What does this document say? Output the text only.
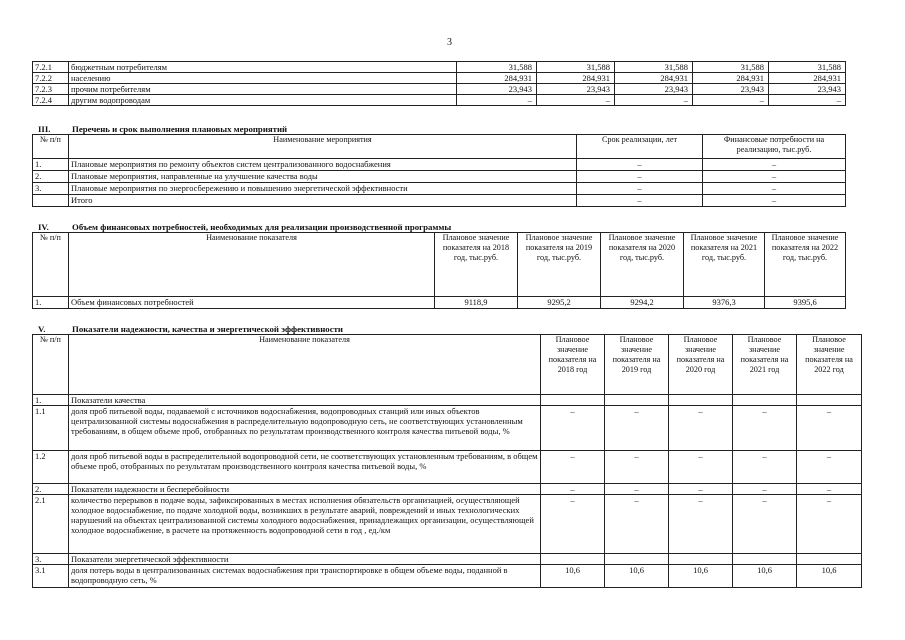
3
7.2.1	бюджетным потребителям	31,588	31,588	31,588	31,588	31,588
7.2.2	населению	284,931	284,931	284,931	284,931	284,931
7.2.3	прочим потребителям	23,943	23,943	23,943	23,943	23,943
7.2.4	другим водопроводам	–	–	–	–	–
III. Перечень и срок выполнения плановых мероприятий
№ п/п	Наименование мероприятия	Срок реализации, лет	Финансовые потребности на реализацию, тыс.руб.
1.	Плановые мероприятия по ремонту объектов систем централизованного водоснабжения	–	–
2.	Плановые мероприятия, направленные на улучшение качества воды	–	–
3.	Плановые мероприятия по энергосбережению и повышению энергетической эффективности	–	–
	Итого	–	–
IV.	Объем финансовых потребностей, необходимых для реализации производственной программы
№ п/п	Наименование показателя	Плановое значение показателя на 2018 год, тыс.руб.	Плановое значение показателя на 2019 год, тыс.руб.	Плановое значение показателя на 2020 год, тыс.руб.	Плановое значение показателя на 2021 год, тыс.руб.	Плановое значение показателя на 2022 год, тыс.руб.
1.	Объем финансовых потребностей	9118,9	9295,2	9294,2	9376,3	9395,6
V.	Показатели надежности, качества и энергетической эффективности
№ п/п	Наименование показателя	Плановое значение показателя на 2018 год	Плановое значение показателя на 2019 год	Плановое значение показателя на 2020 год	Плановое значение показателя на 2021 год	Плановое значение показателя на 2022 год
1.	Показатели качества					
1.1	доля проб питьевой воды, подаваемой с источников водоснабжения, водопроводных станций или иных объектов централизованной системы водоснабжения в распределительную водопроводную сеть, не соответствующих установленным требованиям, в общем объеме проб, отобранных по результатам производственного контроля качества питьевой воды, %	–	–	–	–	–
1.2	доля проб питьевой воды в распределительной водопроводной сети, не соответствующих установленным требованиям, в общем объеме проб, отобранных по результатам производственного контроля качества питьевой воды, %	–	–	–	–	–
2.	Показатели надежности и бесперебойности	–	–	–	–	–
2.1	количество перерывов в подаче воды, зафиксированных в местах исполнения обязательств организацией, осуществляющей холодное водоснабжение, по подаче холодной воды, возникших в результате аварий, повреждений и иных технологических нарушений на объектах централизованной системы холодного водоснабжения, принадлежащих организации, осуществляющей холодное водоснабжение, в расчете на протяженность водопроводной сети в год , ед./км	–	–	–	–	–
3.	Показатели энергетической эффективности					
3.1	доля потерь воды в централизованных системах водоснабжения при транспортировке в общем объеме воды, поданной в водопроводную сеть, %	10,6	10,6	10,6	10,6	10,6
